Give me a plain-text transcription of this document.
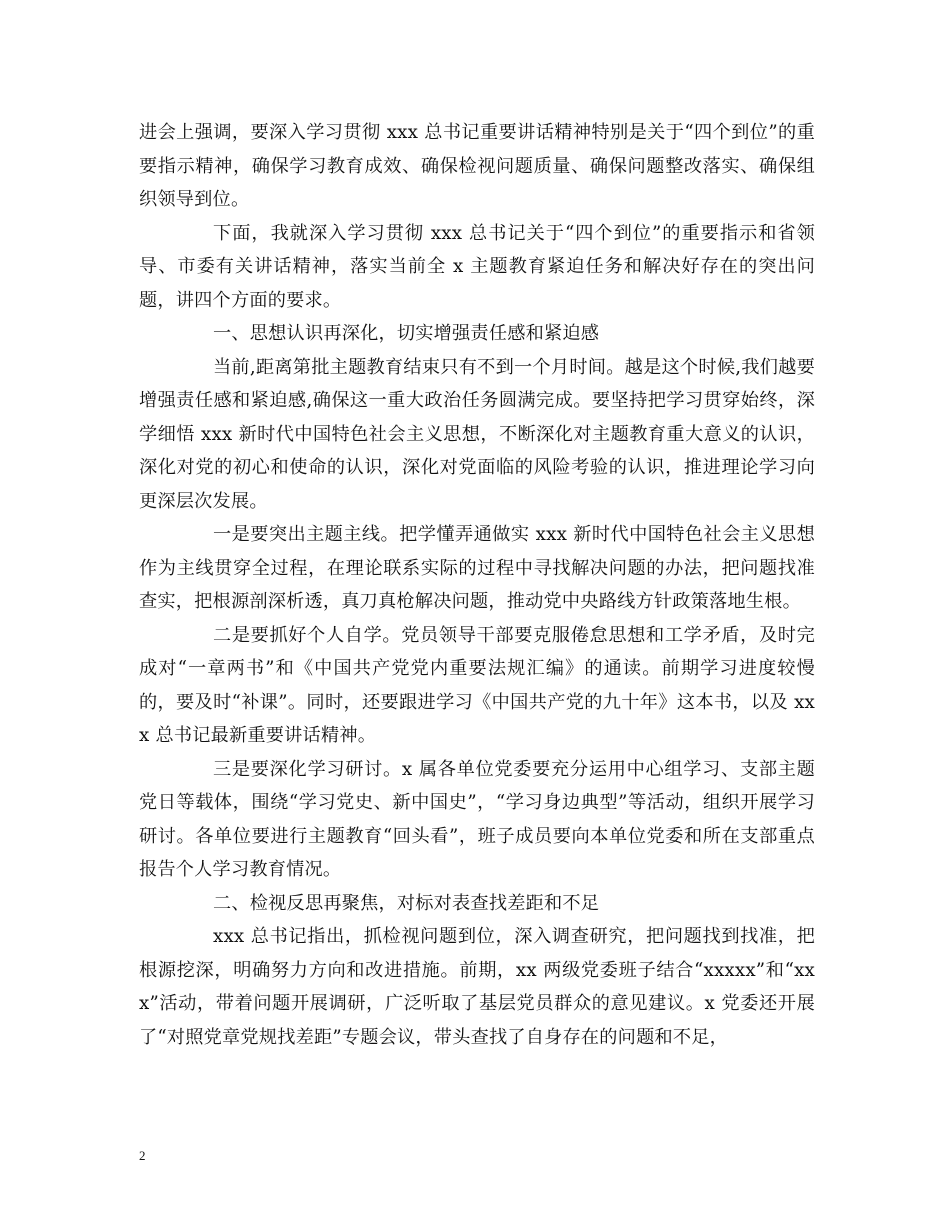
进会上强调，要深入学习贯彻 xxx 总书记重要讲话精神特别是关于“四个到位”的重要指示精神，确保学习教育成效、确保检视问题质量、确保问题整改落实、确保组织领导到位。

下面，我就深入学习贯彻 xxx 总书记关于“四个到位”的重要指示和省领导、市委有关讲话精神，落实当前全 x 主题教育紧迫任务和解决好存在的突出问题，讲四个方面的要求。

一、思想认识再深化，切实增强责任感和紧迫感

当前,距离第批主题教育结束只有不到一个月时间。越是这个时候,我们越要增强责任感和紧迫感,确保这一重大政治任务圆满完成。要坚持把学习贯穿始终，深学细悟 xxx 新时代中国特色社会主义思想，不断深化对主题教育重大意义的认识，深化对党的初心和使命的认识，深化对党面临的风险考验的认识，推进理论学习向更深层次发展。

一是要突出主题主线。把学懂弄通做实 xxx 新时代中国特色社会主义思想作为主线贯穿全过程，在理论联系实际的过程中寻找解决问题的办法，把问题找准查实，把根源剖深析透，真刀真枪解决问题，推动党中央路线方针政策落地生根。

二是要抓好个人自学。党员领导干部要克服倦怠思想和工学矛盾，及时完成对“一章两书”和《中国共产党党内重要法规汇编》的通读。前期学习进度较慢的，要及时“补课”。同时，还要跟进学习《中国共产党的九十年》这本书，以及 xxx 总书记最新重要讲话精神。

三是要深化学习研讨。x 属各单位党委要充分运用中心组学习、支部主题党日等载体，围绕“学习党史、新中国史”，“学习身边典型”等活动，组织开展学习研讨。各单位要进行主题教育“回头看”，班子成员要向本单位党委和所在支部重点报告个人学习教育情况。

二、检视反思再聚焦，对标对表查找差距和不足

xxx 总书记指出，抓检视问题到位，深入调查研究，把问题找到找准，把根源挖深，明确努力方向和改进措施。前期，xx 两级党委班子结合“xxxxx”和“xxx”活动，带着问题开展调研，广泛听取了基层党员群众的意见建议。x 党委还开展了“对照党章党规找差距”专题会议，带头查找了自身存在的问题和不足，

2
